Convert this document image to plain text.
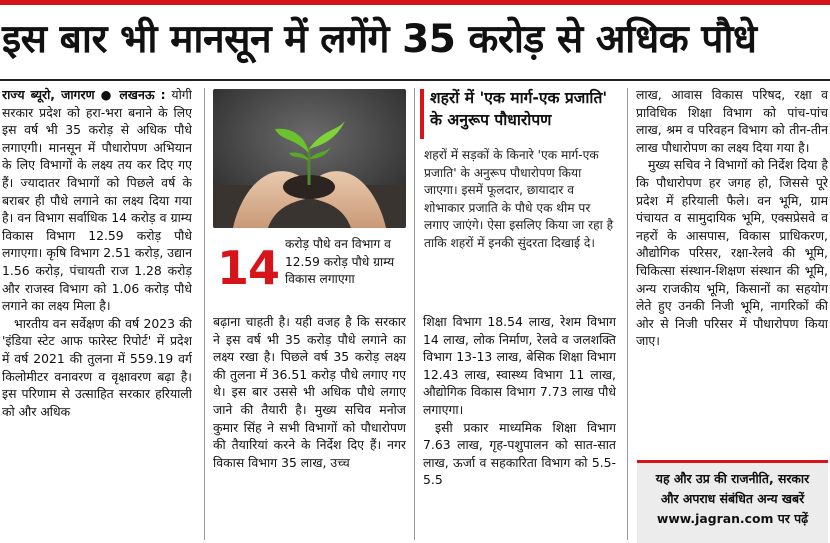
इस बार भी मानसून में लगेंगे 35 करोड़ से अधिक पौधे

राज्य ब्यूरो, जागरण ● लखनऊ : योगी सरकार प्रदेश को हरा-भरा बनाने के लिए इस वर्ष भी 35 करोड़ से अधिक पौधे लगाएगी। मानसून में पौधारोपण अभियान के लिए विभागों के लक्ष्य तय कर दिए गए हैं। ज्यादातर विभागों को पिछले वर्ष के बराबर ही पौधे लगाने का लक्ष्य दिया गया है। वन विभाग सर्वाधिक 14 करोड़ व ग्राम्य विकास विभाग 12.59 करोड़ पौधे लगाएगा। कृषि विभाग 2.51 करोड़, उद्यान 1.56 करोड़, पंचायती राज 1.28 करोड़ और राजस्व विभाग को 1.06 करोड़ पौधे लगाने का लक्ष्य मिला है।

भारतीय वन सर्वेक्षण की वर्ष 2023 की 'इंडिया स्टेट आफ फारेस्ट रिपोर्ट' में प्रदेश में वर्ष 2021 की तुलना में 559.19 वर्ग किलोमीटर वनावरण व वृक्षावरण बढ़ा है। इस परिणाम से उत्साहित सरकार हरियाली को और अधिक

14 करोड़ पौधे वन विभाग व 12.59 करोड़ पौधे ग्राम्य विकास लगाएगा

बढ़ाना चाहती है। यही वजह है कि सरकार ने इस वर्ष भी 35 करोड़ पौधे लगाने का लक्ष्य रखा है। पिछले वर्ष 35 करोड़ लक्ष्य की तुलना में 36.51 करोड़ पौधे लगाए गए थे। इस बार उससे भी अधिक पौधे लगाए जाने की तैयारी है। मुख्य सचिव मनोज कुमार सिंह ने सभी विभागों को पौधारोपण की तैयारियां करने के निर्देश दिए हैं। नगर विकास विभाग 35 लाख, उच्च

शहरों में 'एक मार्ग-एक प्रजाति' के अनुरूप पौधारोपण
शहरों में सड़कों के किनारे 'एक मार्ग-एक प्रजाति' के अनुरूप पौधारोपण किया जाएगा। इसमें फूलदार, छायादार व शोभाकार प्रजाति के पौधे एक थीम पर लगाए जाएंगे। ऐसा इसलिए किया जा रहा है ताकि शहरों में इनकी सुंदरता दिखाई दे।

शिक्षा विभाग 18.54 लाख, रेशम विभाग 14 लाख, लोक निर्माण, रेलवे व जलशक्ति विभाग 13-13 लाख, बेसिक शिक्षा विभाग 12.43 लाख, स्वास्थ्य विभाग 11 लाख, औद्योगिक विकास विभाग 7.73 लाख पौधे लगाएगा।

इसी प्रकार माध्यमिक शिक्षा विभाग 7.63 लाख, गृह-पशुपालन को सात-सात लाख, ऊर्जा व सहकारिता विभाग को 5.5-5.5

लाख, आवास विकास परिषद, रक्षा व प्राविधिक शिक्षा विभाग को पांच-पांच लाख, श्रम व परिवहन विभाग को तीन-तीन लाख पौधारोपण का लक्ष्य दिया गया है।

मुख्य सचिव ने विभागों को निर्देश दिया है कि पौधारोपण हर जगह हो, जिससे पूरे प्रदेश में हरियाली फैले। वन भूमि, ग्राम पंचायत व सामुदायिक भूमि, एक्सप्रेसवे व नहरों के आसपास, विकास प्राधिकरण, औद्योगिक परिसर, रक्षा-रेलवे की भूमि, चिकित्सा संस्थान-शिक्षण संस्थान की भूमि, अन्य राजकीय भूमि, किसानों का सहयोग लेते हुए उनकी निजी भूमि, नागरिकों की ओर से निजी परिसर में पौधारोपण किया जाए।

यह और उप्र की राजनीति, सरकार
और अपराध संबंधित अन्य खबरें
www.jagran.com पर पढ़ें
